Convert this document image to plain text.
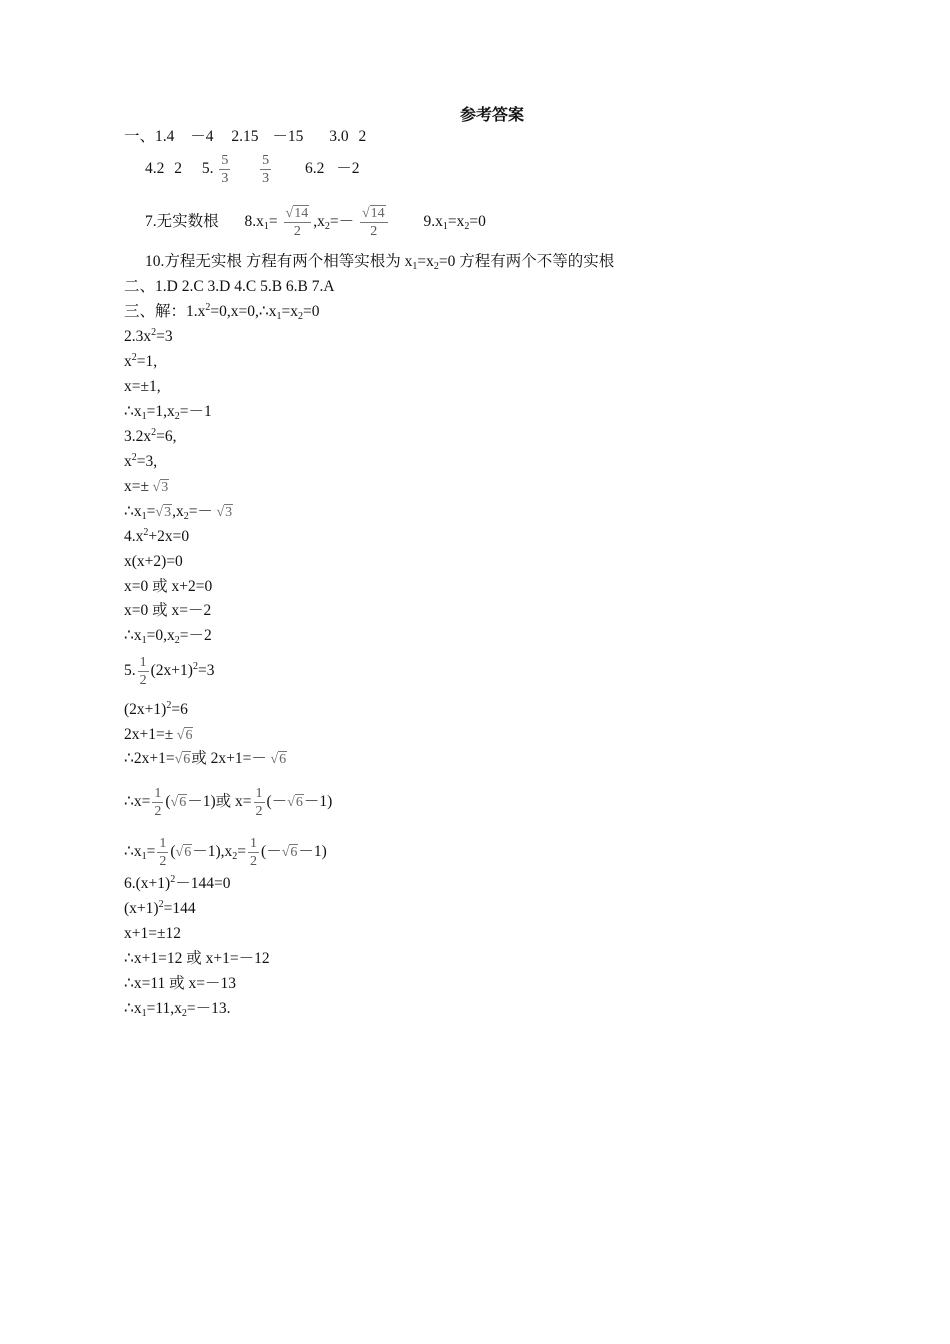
参考答案
一、1.4 －4 2.15 －15 3.0 2
4.2 2 5. $\frac{5}{3}$
$\frac{5}{3} 6.2 -2$
7.无实数根 $8.x1= \frac{√14}{2} ,x2=- \frac{√14}{2} 9.x1=x2=0$
10.方程无实根 方程有两个相等实根为 x1=x2=0 方程有两个不等的实根
二、1.D 2.C 3.D 4.C 5.B 6.B 7.A
三、解：$1.x^2=0,x=0,\therefore x1=x2=0$
$2.3x^2=3$
$x^2=1$,
x=±1,
∴x1=1,x2=－1
$3.2x^2=6$,
$x^2=3$,
x=± √3
∴x1=√3,x2=－ √3
$4.x^2+2x=0$
x(x+2)=0
x=0 或 x+2=0
x=0 或 x=－2
∴x1=0,x2=－2
5. $\frac{1}{2} (2x+1)^2=3$
$(2x+1)^2=6$
2x+1=± √6
∴2x+1=√6或 2x+1=－ √6
∴x= $\frac{1}{2} (√6-1)$或 $x= \frac{1}{2} (-√6-1)$
∴x1= $\frac{1}{2} (√6-1),x2= \frac{1}{2} (-√6-1)$
$6.(x+1)^2-144=0$
$(x+1)^2=144$
x+1=±12
∴x+1=12 或 x+1=－12
∴x=11 或 x=－13
∴x1=11,x2=－13.
